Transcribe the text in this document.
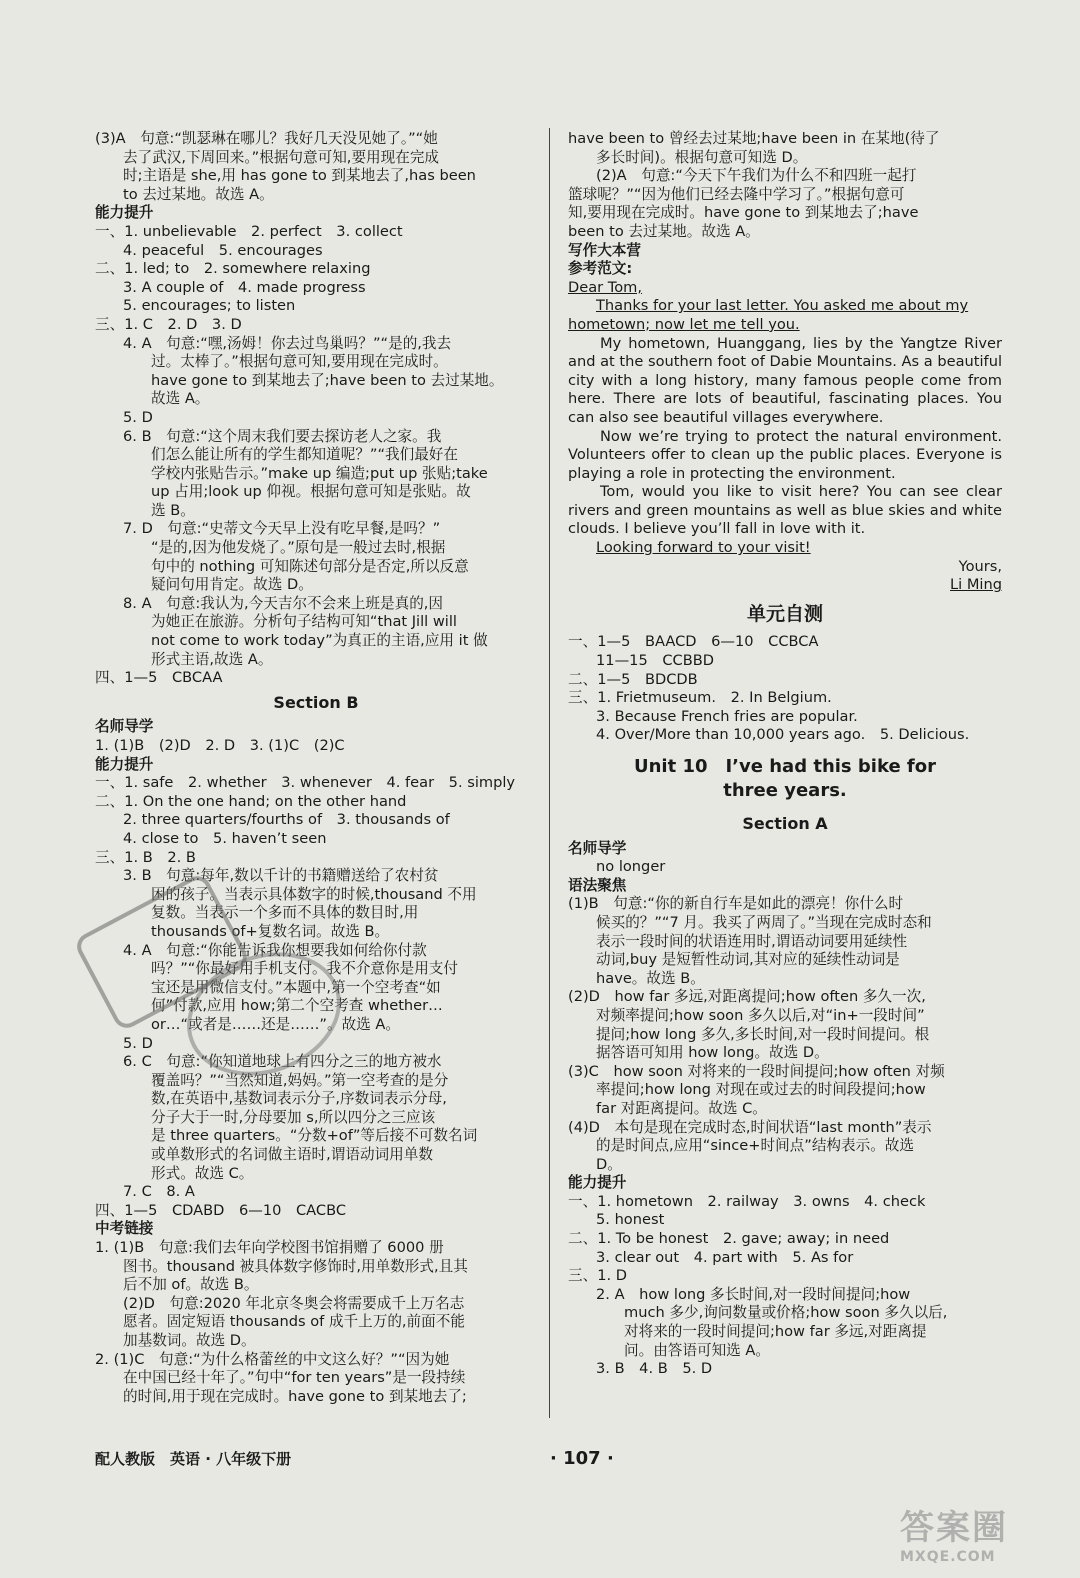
(3)A　句意:“凯瑟琳在哪儿？我好几天没见她了。”“她
去了武汉,下周回来。”根据句意可知,要用现在完成
时;主语是 she,用 has gone to 到某地去了,has been
to 去过某地。故选 A。
能力提升
一、1. unbelievable　2. perfect　3. collect
4. peaceful　5. encourages
二、1. led; to　2. somewhere relaxing
3. A couple of　4. made progress
5. encourages; to listen
三、1. C　2. D　3. D
4. A　句意:“嘿,汤姆！你去过鸟巢吗？”“是的,我去
过。太棒了。”根据句意可知,要用现在完成时。
have gone to 到某地去了;have been to 去过某地。
故选 A。
5. D
6. B　句意:“这个周末我们要去探访老人之家。我
们怎么能让所有的学生都知道呢？”“我们最好在
学校内张贴告示。”make up 编造;put up 张贴;take
up 占用;look up 仰视。根据句意可知是张贴。故
选 B。
7. D　句意:“史蒂文今天早上没有吃早餐,是吗？”
“是的,因为他发烧了。”原句是一般过去时,根据
句中的 nothing 可知陈述句部分是否定,所以反意
疑问句用肯定。故选 D。
8. A　句意:我认为,今天吉尔不会来上班是真的,因
为她正在旅游。分析句子结构可知“that Jill will
not come to work today”为真正的主语,应用 it 做
形式主语,故选 A。
四、1—5　CBCAA
Section B
名师导学
1. (1)B　(2)D　2. D　3. (1)C　(2)C
能力提升
一、1. safe　2. whether　3. whenever　4. fear　5. simply
二、1. On the one hand; on the other hand
2. three quarters/fourths of　3. thousands of
4. close to　5. haven’t seen
三、1. B　2. B
3. B　句意:每年,数以千计的书籍赠送给了农村贫
困的孩子。当表示具体数字的时候,thousand 不用
复数。当表示一个多而不具体的数目时,用
thousands of+复数名词。故选 B。
4. A　句意:“你能告诉我你想要我如何给你付款
吗？”“你最好用手机支付。我不介意你是用支付
宝还是用微信支付。”本题中,第一个空考查“如
何”付款,应用 how;第二个空考查 whether…
or…“或者是……还是……”。故选 A。
5. D
6. C　句意:“你知道地球上有四分之三的地方被水
覆盖吗？”“当然知道,妈妈。”第一空考查的是分
数,在英语中,基数词表示分子,序数词表示分母,
分子大于一时,分母要加 s,所以四分之三应该
是 three quarters。“分数+of”等后接不可数名词
或单数形式的名词做主语时,谓语动词用单数
形式。故选 C。
7. C　8. A
四、1—5　CDABD　6—10　CACBC
中考链接
1. (1)B　句意:我们去年向学校图书馆捐赠了 6000 册
图书。thousand 被具体数字修饰时,用单数形式,且其
后不加 of。故选 B。
(2)D　句意:2020 年北京冬奥会将需要成千上万名志
愿者。固定短语 thousands of 成千上万的,前面不能
加基数词。故选 D。
2. (1)C　句意:“为什么格蕾丝的中文这么好？”“因为她
在中国已经十年了。”句中“for ten years”是一段持续
的时间,用于现在完成时。have gone to 到某地去了;
have been to 曾经去过某地;have been in 在某地(待了
多长时间)。根据句意可知选 D。
(2)A　句意:“今天下午我们为什么不和四班一起打
篮球呢？”“因为他们已经去隆中学习了。”根据句意可
知,要用现在完成时。have gone to 到某地去了;have
been to 去过某地。故选 A。
写作大本营
参考范文:
Dear Tom,
Thanks for your last letter. You asked me about my
hometown; now let me tell you.
My hometown, Huanggang, lies by the Yangtze River and at the southern foot of Dabie Mountains. As a beautiful city with a long history, many famous people come from here. There are lots of beautiful, fascinating places. You can also see beautiful villages everywhere.
Now we’re trying to protect the natural environment. Volunteers offer to clean up the public places. Everyone is playing a role in protecting the environment.
Tom, would you like to visit here? You can see clear rivers and green mountains as well as blue skies and white clouds. I believe you’ll fall in love with it.
Looking forward to your visit!
Yours,
Li Ming
单元自测
一、1—5　BAACD　6—10　CCBCA
11—15　CCBBD
二、1—5　BDCDB
三、1. Frietmuseum.　2. In Belgium.
3. Because French fries are popular.
4. Over/More than 10,000 years ago.　5. Delicious.
Unit 10　I’ve had this bike for
three years.
Section A
名师导学
no longer
语法聚焦
(1)B　句意:“你的新自行车是如此的漂亮！你什么时
候买的？”“7 月。我买了两周了。”当现在完成时态和
表示一段时间的状语连用时,谓语动词要用延续性
动词,buy 是短暂性动词,其对应的延续性动词是
have。故选 B。
(2)D　how far 多远,对距离提问;how often 多久一次,
对频率提问;how soon 多久以后,对“in+一段时间”
提问;how long 多久,多长时间,对一段时间提问。根
据答语可知用 how long。故选 D。
(3)C　how soon 对将来的一段时间提问;how often 对频
率提问;how long 对现在或过去的时间段提问;how
far 对距离提问。故选 C。
(4)D　本句是现在完成时态,时间状语“last month”表示
的是时间点,应用“since+时间点”结构表示。故选
D。
能力提升
一、1. hometown　2. railway　3. owns　4. check
5. honest
二、1. To be honest　2. gave; away; in need
3. clear out　4. part with　5. As for
三、1. D
2. A　how long 多长时间,对一段时间提问;how
much 多少,询问数量或价格;how soon 多久以后,
对将来的一段时间提问;how far 多远,对距离提
问。由答语可知选 A。
3. B　4. B　5. D
配人教版　英语 · 八年级下册	· 107 ·
答案圈
MXQE.COM
